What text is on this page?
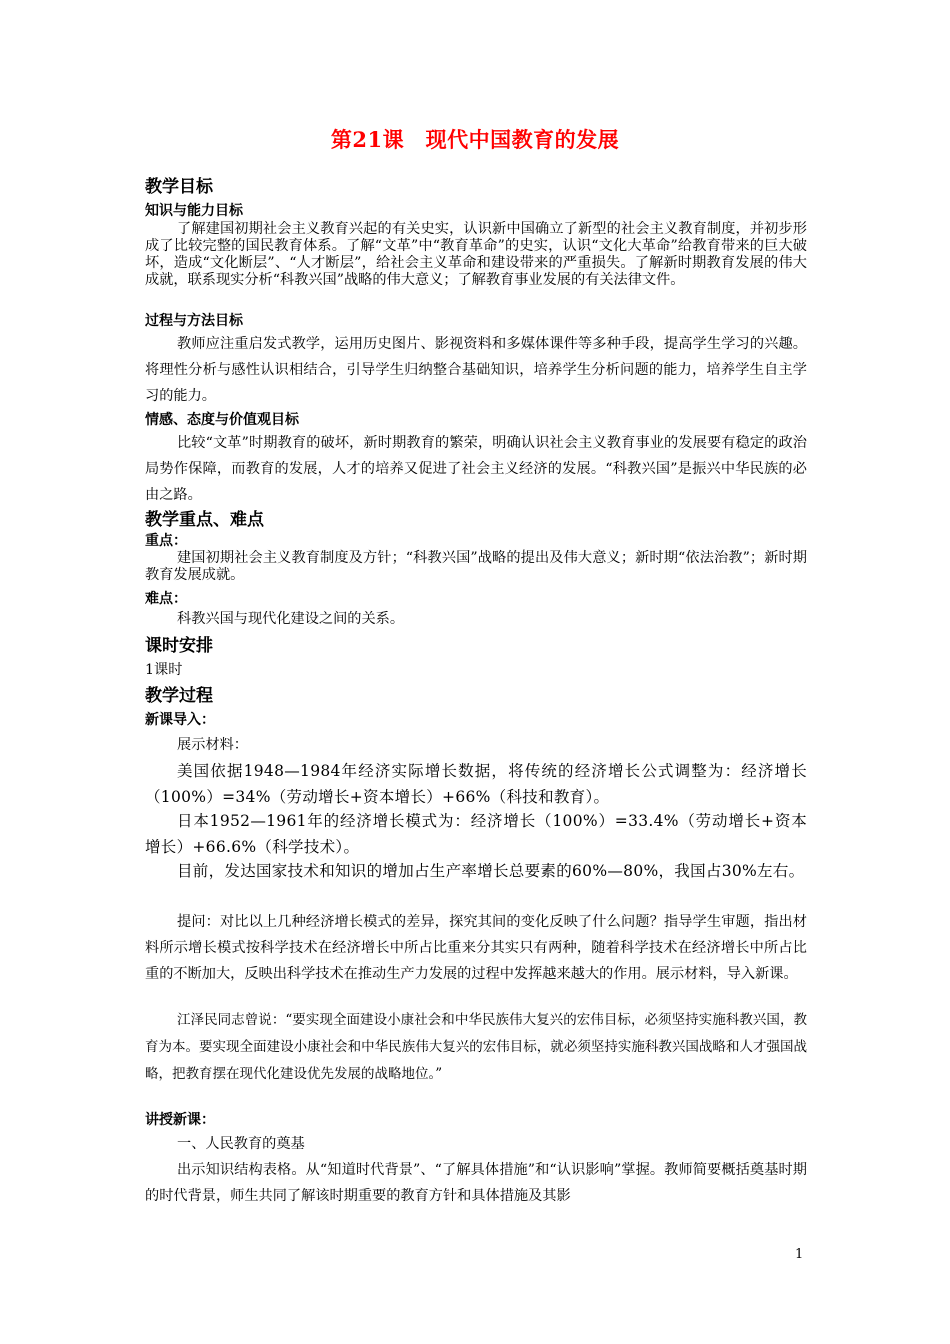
第21课　现代中国教育的发展
教学目标
知识与能力目标

了解建国初期社会主义教育兴起的有关史实，认识新中国确立了新型的社会主义教育制度，并初步形成了比较完整的国民教育体系。了解“文革”中“教育革命”的史实，认识“文化大革命”给教育带来的巨大破坏，造成“文化断层”、“人才断层”，给社会主义革命和建设带来的严重损失。了解新时期教育发展的伟大成就，联系现实分析“科教兴国”战略的伟大意义；了解教育事业发展的有关法律文件。

过程与方法目标

教师应注重启发式教学，运用历史图片、影视资料和多媒体课件等多种手段，提高学生学习的兴趣。将理性分析与感性认识相结合，引导学生归纳整合基础知识，培养学生分析问题的能力，培养学生自主学习的能力。

情感、态度与价值观目标

比较“文革”时期教育的破坏，新时期教育的繁荣，明确认识社会主义教育事业的发展要有稳定的政治局势作保障，而教育的发展，人才的培养又促进了社会主义经济的发展。“科教兴国”是振兴中华民族的必由之路。

教学重点、难点
重点：

建国初期社会主义教育制度及方针；“科教兴国”战略的提出及伟大意义；新时期“依法治教”；新时期教育发展成就。

难点：

科教兴国与现代化建设之间的关系。

课时安排

1课时

教学过程
新课导入：

展示材料：

美国依据1948—1984年经济实际增长数据，将传统的经济增长公式调整为：经济增长（100%）=34%（劳动增长+资本增长）+66%（科技和教育）。

日本1952—1961年的经济增长模式为：经济增长（100%）=33.4%（劳动增长+资本增长）+66.6%（科学技术）。

目前，发达国家技术和知识的增加占生产率增长总要素的60%—80%，我国占30%左右。

提问：对比以上几种经济增长模式的差异，探究其间的变化反映了什么问题？指导学生审题，指出材料所示增长模式按科学技术在经济增长中所占比重来分其实只有两种，随着科学技术在经济增长中所占比重的不断加大，反映出科学技术在推动生产力发展的过程中发挥越来越大的作用。展示材料，导入新课。

江泽民同志曾说：“要实现全面建设小康社会和中华民族伟大复兴的宏伟目标，必须坚持实施科教兴国，教育为本。要实现全面建设小康社会和中华民族伟大复兴的宏伟目标，就必须坚持实施科教兴国战略和人才强国战略，把教育摆在现代化建设优先发展的战略地位。”

讲授新课：

一、人民教育的奠基

出示知识结构表格。从“知道时代背景”、“了解具体措施”和“认识影响”掌握。教师简要概括奠基时期的时代背景，师生共同了解该时期重要的教育方针和具体措施及其影

1
